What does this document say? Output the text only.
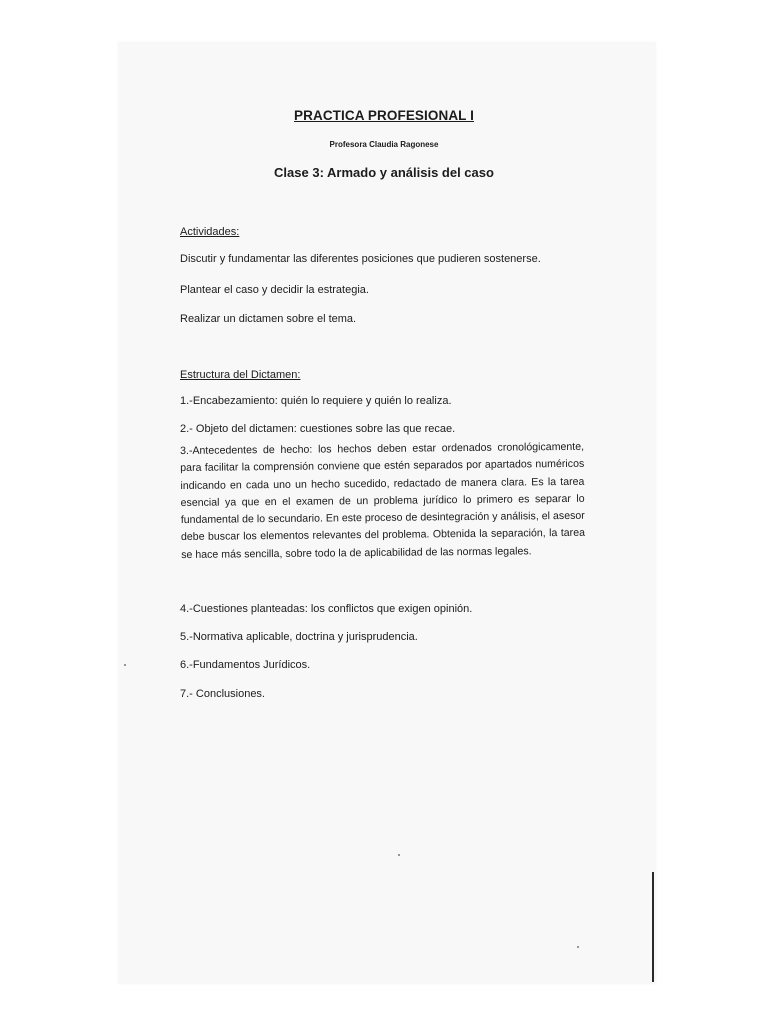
PRACTICA PROFESIONAL I
Profesora Claudia Ragonese
Clase 3: Armado y análisis del caso
Actividades:
Discutir y fundamentar las diferentes posiciones que pudieren sostenerse.
Plantear el caso y decidir la estrategia.
Realizar un dictamen sobre el tema.
Estructura del Dictamen:
1.-Encabezamiento: quién lo requiere y quién lo realiza.
2.- Objeto del dictamen: cuestiones sobre las que recae.
3.-Antecedentes de hecho: los hechos deben estar ordenados cronológicamente, para facilitar la comprensión conviene que estén separados por apartados numéricos indicando en cada uno un hecho sucedido, redactado de manera clara. Es la tarea esencial ya que en el examen de un problema jurídico lo primero es separar lo fundamental de lo secundario. En este proceso de desintegración y análisis, el asesor debe buscar los elementos relevantes del problema. Obtenida la separación, la tarea se hace más sencilla, sobre todo la de aplicabilidad de las normas legales.
4.-Cuestiones planteadas: los conflictos que exigen opinión.
5.-Normativa aplicable, doctrina y jurisprudencia.
6.-Fundamentos Jurídicos.
7.- Conclusiones.
